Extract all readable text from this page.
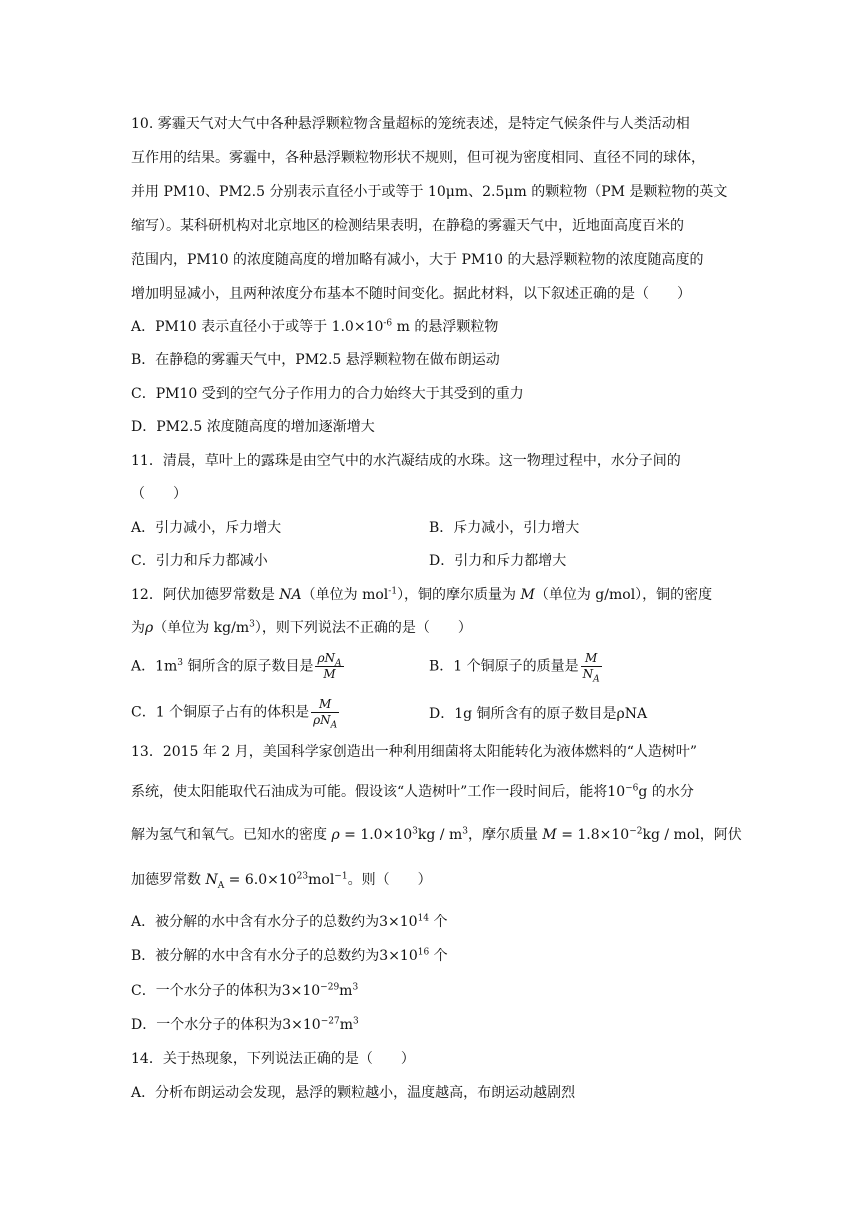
10. 雾霾天气对大气中各种悬浮颗粒物含量超标的笼统表述，是特定气候条件与人类活动相
互作用的结果。雾霾中，各种悬浮颗粒物形状不规则，但可视为密度相同、直径不同的球体，
并用 PM10、PM2.5 分别表示直径小于或等于 10μm、2.5μm 的颗粒物（PM 是颗粒物的英文
缩写）。某科研机构对北京地区的检测结果表明，在静稳的雾霾天气中，近地面高度百米的
范围内，PM10 的浓度随高度的增加略有减小，大于 PM10 的大悬浮颗粒物的浓度随高度的
增加明显减小，且两种浓度分布基本不随时间变化。据此材料，以下叙述正确的是（　　）
A．PM10 表示直径小于或等于 $1.0\times 10^{-6}$ m 的悬浮颗粒物
B．在静稳的雾霾天气中，PM2.5 悬浮颗粒物在做布朗运动
C．PM10 受到的空气分子作用力的合力始终大于其受到的重力
D．PM2.5 浓度随高度的增加逐渐增大
11．清晨，草叶上的露珠是由空气中的水汽凝结成的水珠。这一物理过程中，水分子间的
（　　）
A．引力减小，斥力增大	B．斥力减小，引力增大
C．引力和斥力都减小	D．引力和斥力都增大
12．阿伏加德罗常数是 NA（单位为 mol$^{-1}$），铜的摩尔质量为 M（单位为 g/mol），铜的密度
为ρ（单位为 $kg/m^3$），则下列说法不正确的是（　　）
A．$1m^3$ 铜所含的原子数目是 $\frac{\rho N_A}{M}$	B．1 个铜原子的质量是 $\frac{M}{N_A}$
C．1 个铜原子占有的体积是 $\frac{M}{\rho N_A}$	D．1g 铜所含有的原子数目是ρNA
13．2015 年 2 月，美国科学家创造出一种利用细菌将太阳能转化为液体燃料的“人造树叶”
系统，使太阳能取代石油成为可能。假设该“人造树叶”工作一段时间后，能将$10^{-6}g$ 的水分
解为氢气和氧气。已知水的密度 $\rho = 1.0\times 10^3kg / m^3$，摩尔质量 $M = 1.8\times 10^{-2}kg$ / mol，阿伏
加德罗常数 $N_A = 6.0\times 10^{23}mol^{-1}$。则（　　）
A．被分解的水中含有水分子的总数约为$3\times 10^{14}$ 个
B．被分解的水中含有水分子的总数约为$3\times 10^{16}$ 个
C．一个水分子的体积为$3\times 10^{-29}m^3$
D．一个水分子的体积为$3\times 10^{-27}m^3$
14．关于热现象，下列说法正确的是（　　）
A．分析布朗运动会发现，悬浮的颗粒越小，温度越高，布朗运动越剧烈
